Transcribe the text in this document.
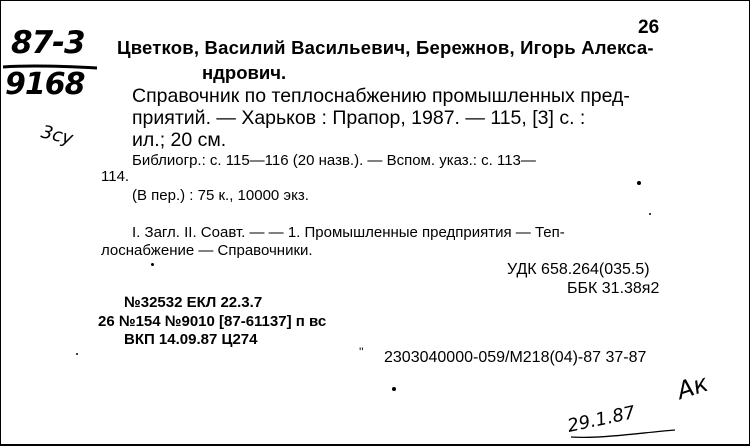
26
87-3
9168
3cy
Цветков, Василий Васильевич, Бережнов, Игорь Алекса-
ндрович.
Справочник по теплоснабжению промышленных пред-
приятий. — Харьков : Прапор, 1987. — 115, [3] с. :
ил.; 20 см.
Библиогр.: с. 115—116 (20 назв.). — Вспом. указ.: с. 113—
114.
(В пер.) : 75 к., 10000 экз.
I. Загл. II. Соавт. — — 1. Промышленные предприятия — Теп-
лоснабжение — Справочники.
УДК 658.264(035.5)
ББК 31.38я2
№32532 ЕКЛ 22.3.7
26 №154 №9010 [87-61137] п вс
ВКП 14.09.87 Ц274
'' 2303040000-059/М218(04)-87 37-87
Ак
29.1.87
